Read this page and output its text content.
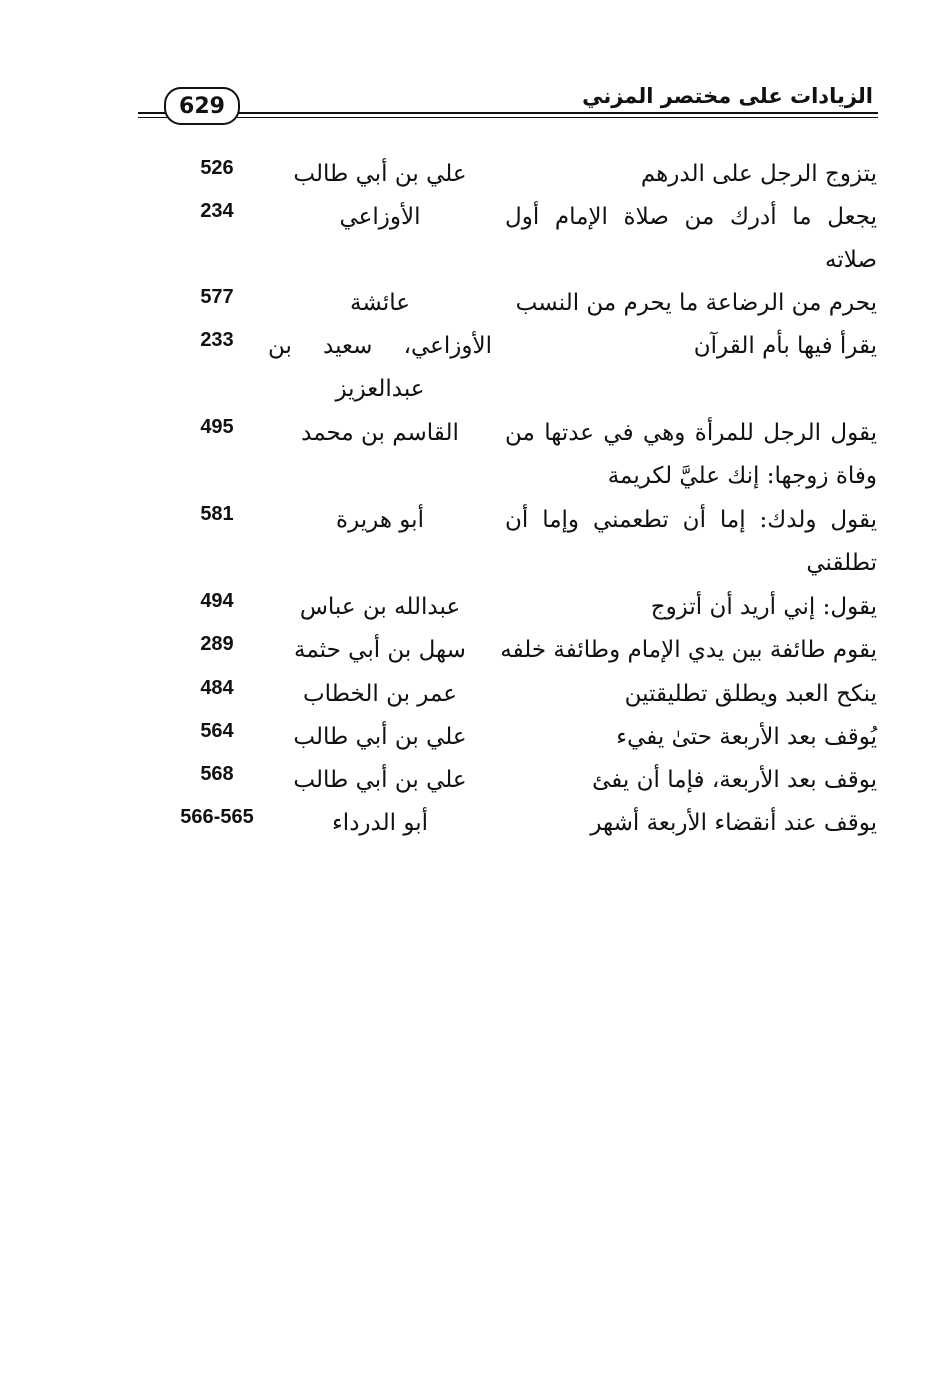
الزيادات على مختصر المزني
629
يتزوج الرجل على الدرهم
علي بن أبي طالب
526
يجعل ما أدرك من صلاة الإمام أول صلاته
الأوزاعي
234
يحرم من الرضاعة ما يحرم من النسب
عائشة
577
يقرأ فيها بأم القرآن
الأوزاعي، سعيد بن عبدالعزيز
233
يقول الرجل للمرأة وهي في عدتها من وفاة زوجها: إنك عليَّ لكريمة
القاسم بن محمد
495
يقول ولدك: إما أن تطعمني وإما أن تطلقني
أبو هريرة
581
يقول: إني أريد أن أتزوج
عبدالله بن عباس
494
يقوم طائفة بين يدي الإمام وطائفة خلفه
سهل بن أبي حثمة
289
ينكح العبد ويطلق تطليقتين
عمر بن الخطاب
484
يُوقف بعد الأربعة حتىٰ يفيء
علي بن أبي طالب
564
يوقف بعد الأربعة، فإما أن يفئ
علي بن أبي طالب
568
يوقف عند أنقضاء الأربعة أشهر
أبو الدرداء
566-565
